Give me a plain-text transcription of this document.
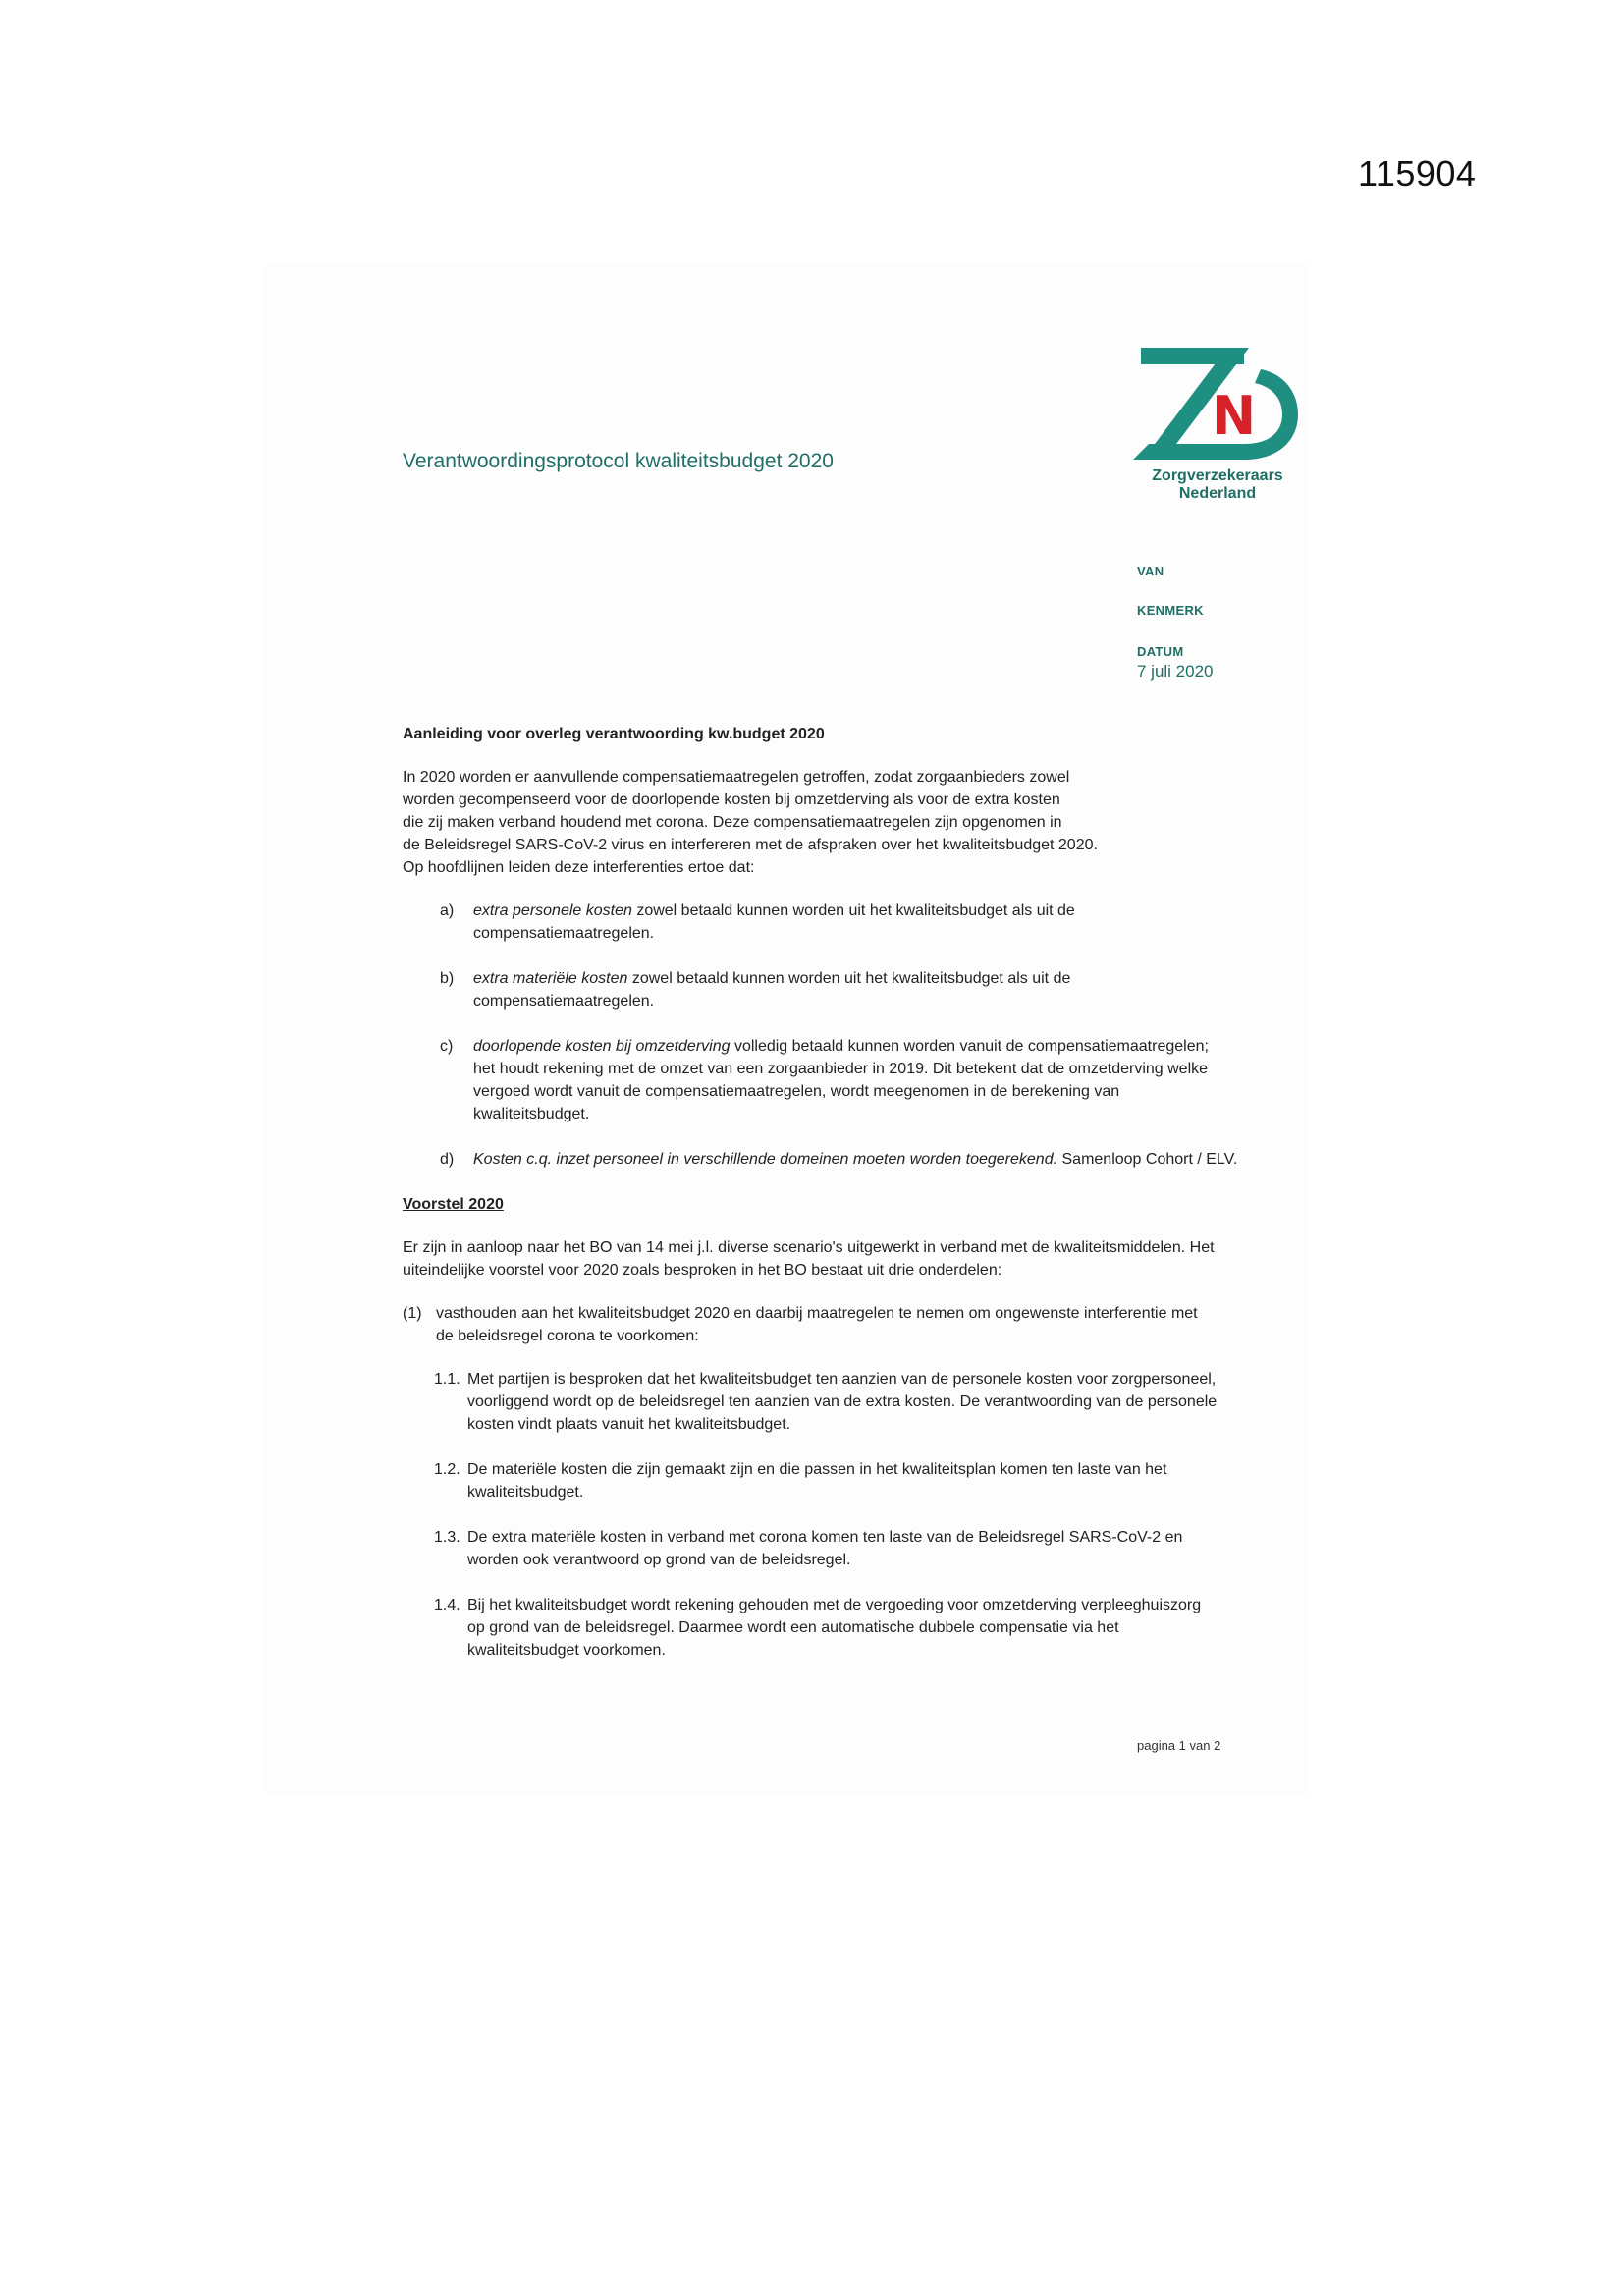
115904
Verantwoordingsprotocol kwaliteitsbudget 2020
N
Zorgverzekeraars
Nederland
VAN
KENMERK
DATUM
7 juli 2020

Aanleiding voor overleg verantwoording kw.budget 2020

In 2020 worden er aanvullende compensatiemaatregelen getroffen, zodat zorgaanbieders zowel
worden gecompenseerd voor de doorlopende kosten bij omzetderving als voor de extra kosten
die zij maken verband houdend met corona. Deze compensatiemaatregelen zijn opgenomen in
de Beleidsregel SARS-CoV-2 virus en interfereren met de afspraken over het kwaliteitsbudget 2020.
Op hoofdlijnen leiden deze interferenties ertoe dat:

a) extra personele kosten zowel betaald kunnen worden uit het kwaliteitsbudget als uit de
compensatiemaatregelen.
b) extra materiële kosten zowel betaald kunnen worden uit het kwaliteitsbudget als uit de
compensatiemaatregelen.
c) doorlopende kosten bij omzetderving volledig betaald kunnen worden vanuit de compensatiemaatregelen;
het houdt rekening met de omzet van een zorgaanbieder in 2019. Dit betekent dat de omzetderving welke
vergoed wordt vanuit de compensatiemaatregelen, wordt meegenomen in de berekening van
kwaliteitsbudget.
d) Kosten c.q. inzet personeel in verschillende domeinen moeten worden toegerekend. Samenloop Cohort / ELV.

Voorstel 2020

Er zijn in aanloop naar het BO van 14 mei j.l. diverse scenario's uitgewerkt in verband met de kwaliteitsmiddelen. Het
uiteindelijke voorstel voor 2020 zoals besproken in het BO bestaat uit drie onderdelen:

(1) vasthouden aan het kwaliteitsbudget 2020 en daarbij maatregelen te nemen om ongewenste interferentie met
de beleidsregel corona te voorkomen:

1.1. Met partijen is besproken dat het kwaliteitsbudget ten aanzien van de personele kosten voor zorgpersoneel,
voorliggend wordt op de beleidsregel ten aanzien van de extra kosten. De verantwoording van de personele
kosten vindt plaats vanuit het kwaliteitsbudget.
1.2. De materiële kosten die zijn gemaakt zijn en die passen in het kwaliteitsplan komen ten laste van het
kwaliteitsbudget.
1.3. De extra materiële kosten in verband met corona komen ten laste van de Beleidsregel SARS-CoV-2 en
worden ook verantwoord op grond van de beleidsregel.
1.4. Bij het kwaliteitsbudget wordt rekening gehouden met de vergoeding voor omzetderving verpleeghuiszorg
op grond van de beleidsregel. Daarmee wordt een automatische dubbele compensatie via het
kwaliteitsbudget voorkomen.
pagina 1 van 2
